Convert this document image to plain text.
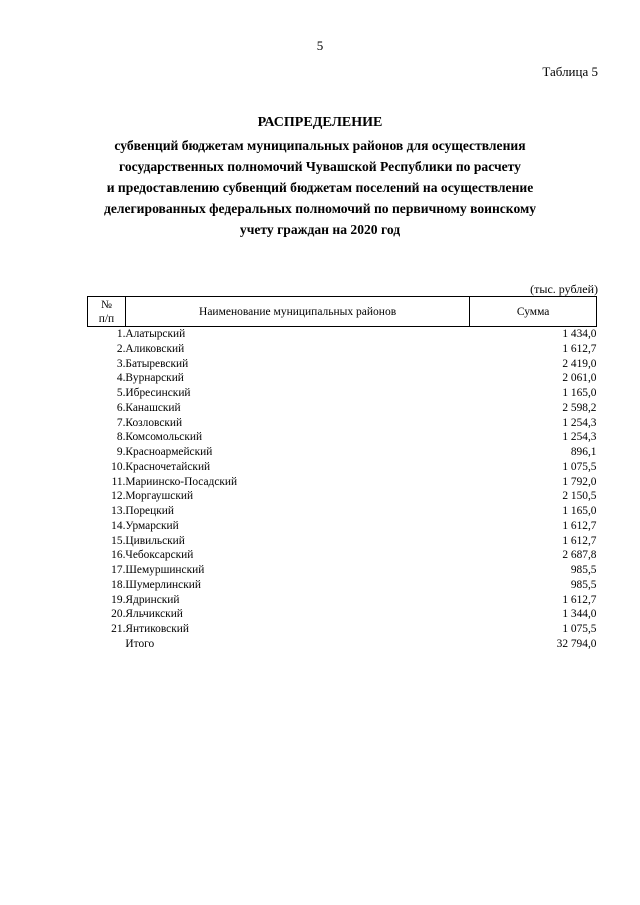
5
Таблица 5
РАСПРЕДЕЛЕНИЕ
субвенций бюджетам муниципальных районов для осуществления
государственных полномочий Чувашской Республики по расчету
и предоставлению субвенций бюджетам поселений на осуществление
делегированных федеральных полномочий по первичному воинскому
учету граждан на 2020 год
(тыс. рублей)
№
п/п	Наименование муниципальных районов	Сумма
1.	Алатырский	1 434,0
2.	Аликовский	1 612,7
3.	Батыревский	2 419,0
4.	Вурнарский	2 061,0
5.	Ибресинский	1 165,0
6.	Канашский	2 598,2
7.	Козловский	1 254,3
8.	Комсомольский	1 254,3
9.	Красноармейский	896,1
10.	Красночетайский	1 075,5
11.	Мариинско-Посадский	1 792,0
12.	Моргаушский	2 150,5
13.	Порецкий	1 165,0
14.	Урмарский	1 612,7
15.	Цивильский	1 612,7
16.	Чебоксарский	2 687,8
17.	Шемуршинский	985,5
18.	Шумерлинский	985,5
19.	Ядринский	1 612,7
20.	Яльчикский	1 344,0
21.	Янтиковский	1 075,5
	Итого	32 794,0
